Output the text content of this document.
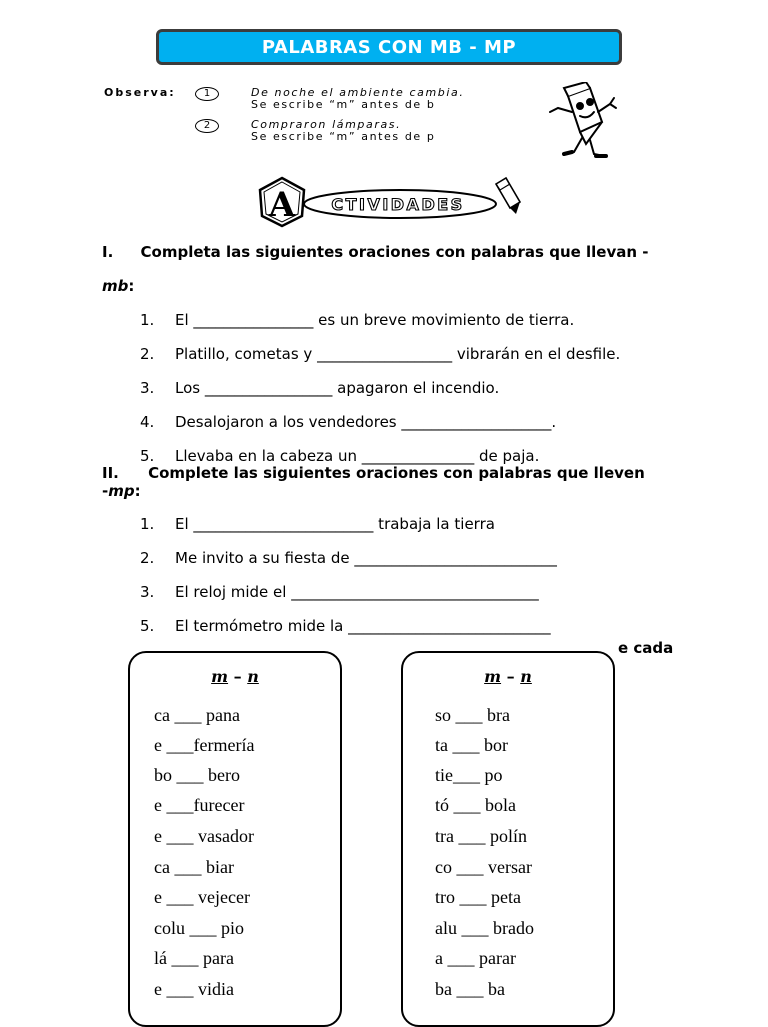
PALABRAS CON MB - MP
Observa:	1	De noche el ambiente cambia.
Se escribe “m” antes de b
2	Compraron lámparas.
Se escribe “m” antes de p
A CTIVIDADES
I. Completa las siguientes oraciones con palabras que llevan -
mb:
1. El ________________ es un breve movimiento de tierra.
2. Platillo, cometas y __________________ vibrarán en el desfile.
3. Los _________________ apagaron el incendio.
4. Desalojaron a los vendedores ____________________.
5. Llevaba en la cabeza un _______________ de paja.
II. Complete las siguientes oraciones con palabras que lleven
-mp:
1. El ________________________ trabaja la tierra
2. Me invito a su fiesta de ___________________________
3. El reloj mide el _________________________________
5. El termómetro mide la ___________________________
e cada
m – n
ca ___ pana
e ___fermería
bo ___ bero
e ___furecer
e ___ vasador
ca ___ biar
e ___ vejecer
colu ___ pio
lá ___ para
e ___ vidia
m – n
so ___ bra
ta ___ bor
tie___ po
tó ___ bola
tra ___ polín
co ___ versar
tro ___ peta
alu ___ brado
a ___ parar
ba ___ ba
